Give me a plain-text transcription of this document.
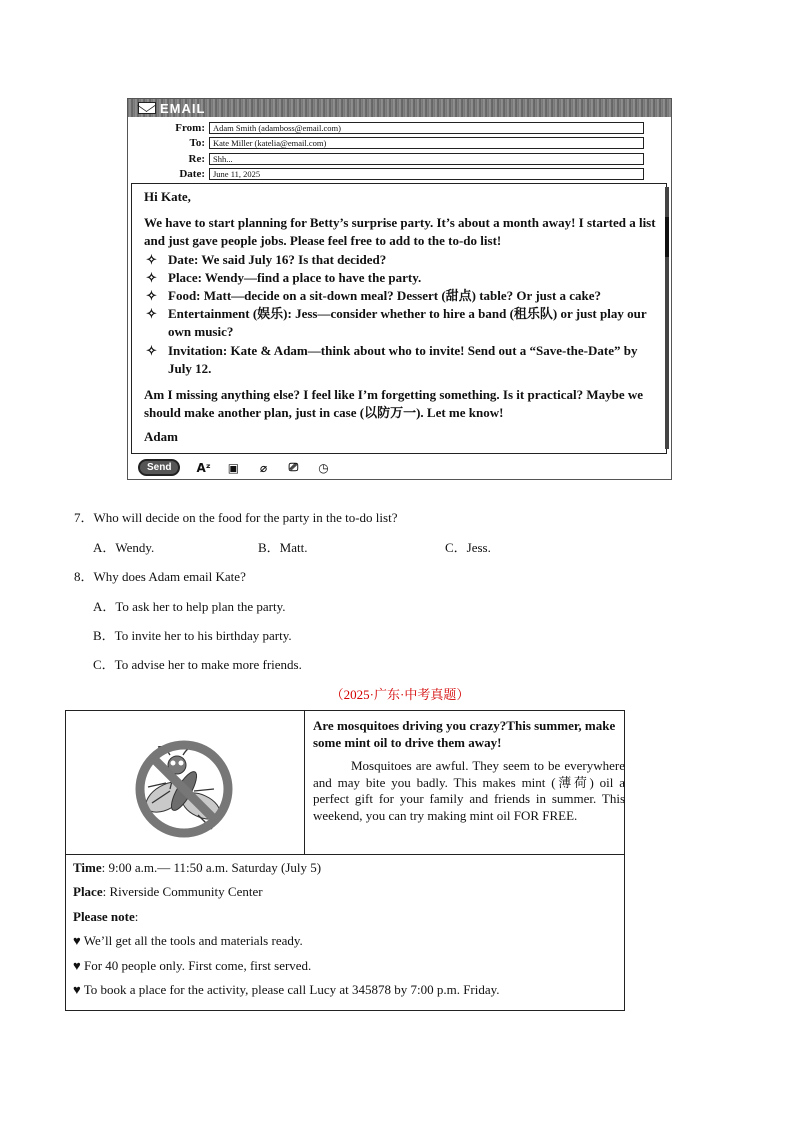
EMAIL
From: Adam Smith (adamboss@email.com)
To: Kate Miller (katelia@email.com)
Re: Shh...
Date: June 11, 2025

Hi Kate,

We have to start planning for Betty’s surprise party. It’s about a month away! I started a list and just gave people jobs. Please feel free to add to the to-do list!

✧ Date: We said July 16? Is that decided?
✧ Place: Wendy—find a place to have the party.
✧ Food: Matt—decide on a sit-down meal? Dessert (甜点) table? Or just a cake?
✧ Entertainment (娱乐): Jess—consider whether to hire a band (租乐队) or just play our own music?
✧ Invitation: Kate & Adam—think about who to invite! Send out a “Save-the-Date” by July 12.

Am I missing anything else? I feel like I’m forgetting something. Is it practical? Maybe we should make another plan, just in case (以防万一). Let me know!

Adam

Send	Aᶻ ▣ ⌀ ⎚ ◷
7．Who will decide on the food for the party in the to-do list?
A．Wendy.	B．Matt.	C．Jess.
8．Why does Adam email Kate?
A．To ask her to help plan the party.
B．To invite her to his birthday party.
C．To advise her to make more friends.
（2025·广东·中考真题）

Are mosquitoes driving you crazy?This summer, make some mint oil to drive them away!

Mosquitoes are awful. They seem to be everywhere and may bite you badly. This makes mint (薄荷) oil a perfect gift for your family and friends in summer. This weekend, you can try making mint oil FOR FREE.

Time: 9:00 a.m.— 11:50 a.m. Saturday (July 5)
Place: Riverside Community Center
Please note:
♥ We’ll get all the tools and materials ready.
♥ For 40 people only. First come, first served.
♥ To book a place for the activity, please call Lucy at 345878 by 7:00 p.m. Friday.
